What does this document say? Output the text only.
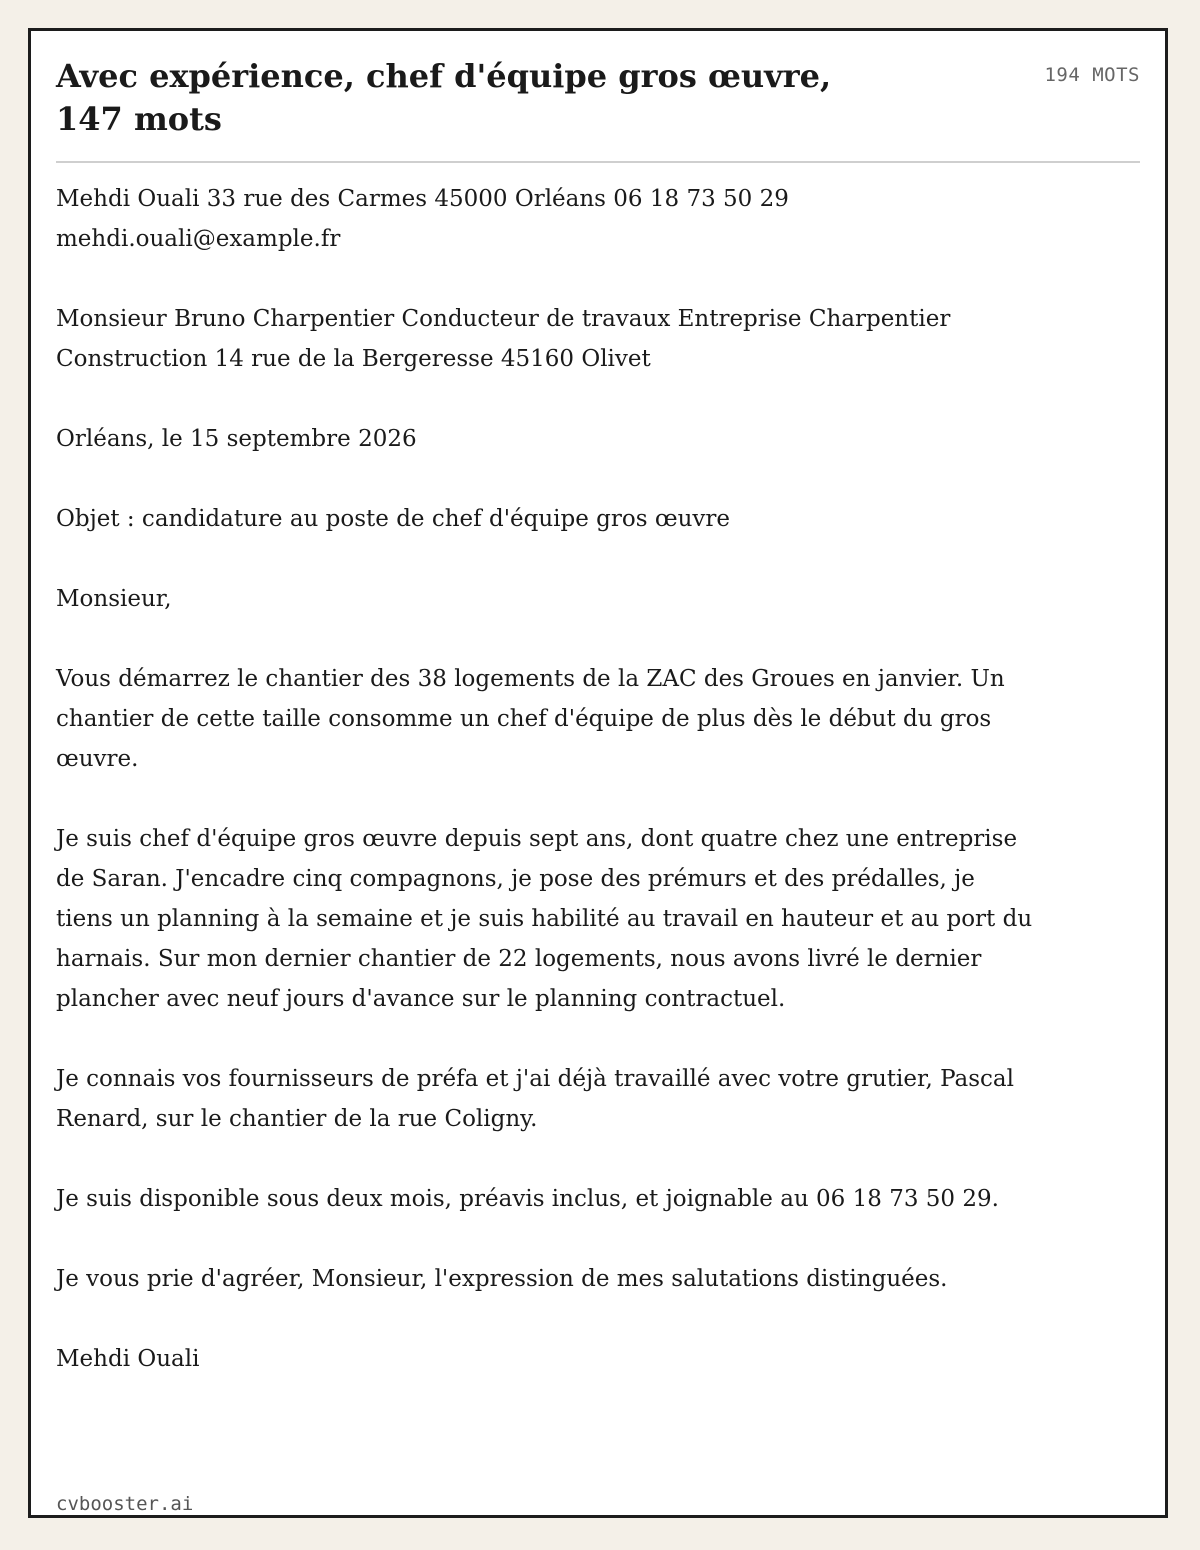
Avec expérience, chef d'équipe gros œuvre, 147 mots
194 MOTS

Mehdi Ouali 33 rue des Carmes 45000 Orléans 06 18 73 50 29 mehdi.ouali@example.fr

Monsieur Bruno Charpentier Conducteur de travaux Entreprise Charpentier Construction 14 rue de la Bergeresse 45160 Olivet

Orléans, le 15 septembre 2026

Objet : candidature au poste de chef d'équipe gros œuvre

Monsieur,

Vous démarrez le chantier des 38 logements de la ZAC des Groues en janvier. Un chantier de cette taille consomme un chef d'équipe de plus dès le début du gros œuvre.

Je suis chef d'équipe gros œuvre depuis sept ans, dont quatre chez une entreprise de Saran. J'encadre cinq compagnons, je pose des prémurs et des prédalles, je tiens un planning à la semaine et je suis habilité au travail en hauteur et au port du harnais. Sur mon dernier chantier de 22 logements, nous avons livré le dernier plancher avec neuf jours d'avance sur le planning contractuel.

Je connais vos fournisseurs de préfa et j'ai déjà travaillé avec votre grutier, Pascal Renard, sur le chantier de la rue Coligny.

Je suis disponible sous deux mois, préavis inclus, et joignable au 06 18 73 50 29.

Je vous prie d'agréer, Monsieur, l'expression de mes salutations distinguées.

Mehdi Ouali

cvbooster.ai
